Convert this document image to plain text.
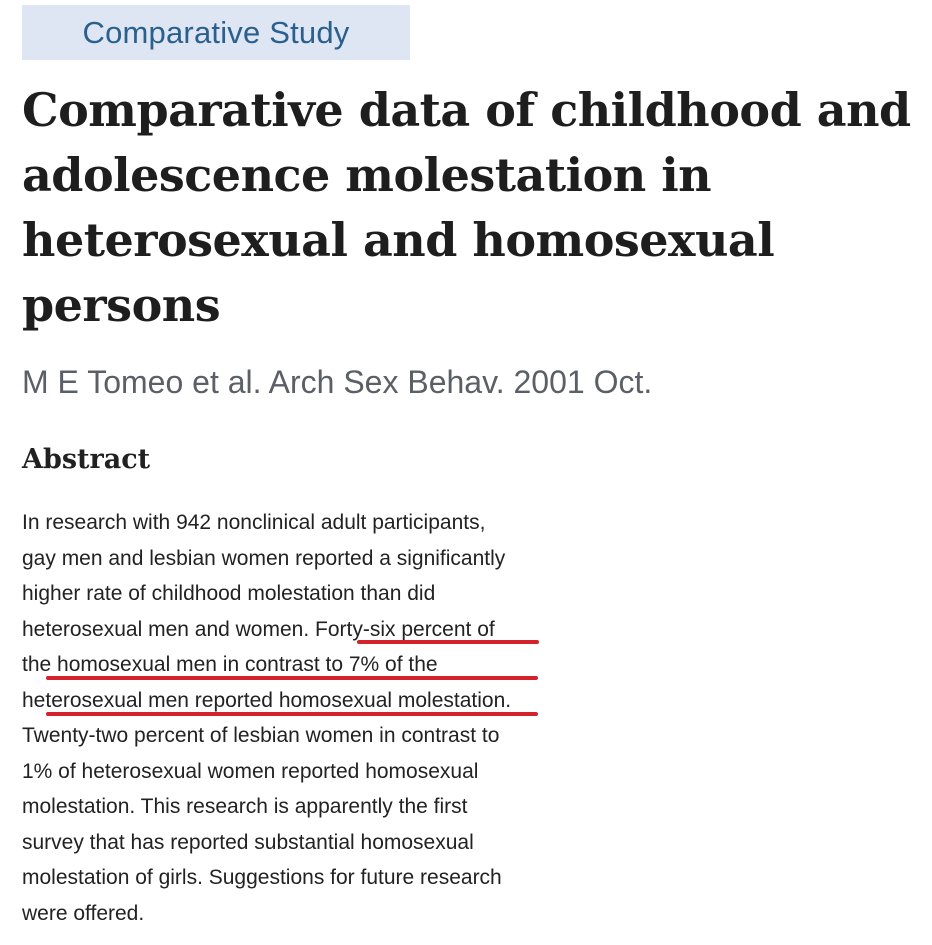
Comparative Study
Comparative data of childhood and
adolescence molestation in
heterosexual and homosexual
persons
M E Tomeo et al. Arch Sex Behav. 2001 Oct.
Abstract
In research with 942 nonclinical adult participants,
gay men and lesbian women reported a significantly
higher rate of childhood molestation than did
heterosexual men and women. Forty-six percent of
the homosexual men in contrast to 7% of the
heterosexual men reported homosexual molestation.
Twenty-two percent of lesbian women in contrast to
1% of heterosexual women reported homosexual
molestation. This research is apparently the first
survey that has reported substantial homosexual
molestation of girls. Suggestions for future research
were offered.
